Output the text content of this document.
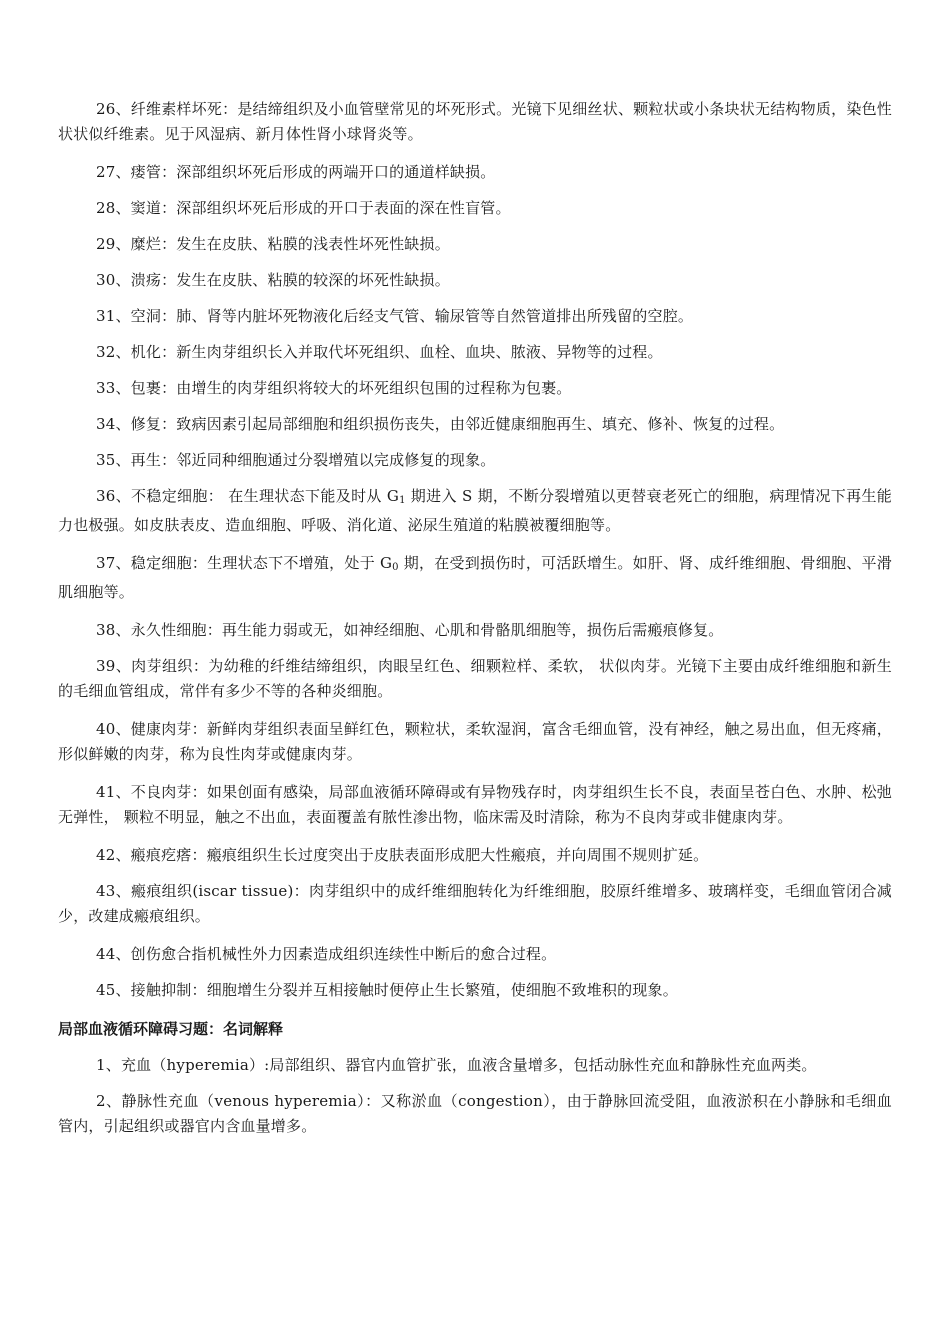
26、纤维素样坏死：是结缔组织及小血管壁常见的坏死形式。光镜下见细丝状、颗粒状或小条块状无结构物质，染色性状状似纤维素。见于风湿病、新月体性肾小球肾炎等。

27、瘘管：深部组织坏死后形成的两端开口的通道样缺损。

28、窦道：深部组织坏死后形成的开口于表面的深在性盲管。

29、糜烂：发生在皮肤、粘膜的浅表性坏死性缺损。

30、溃疡：发生在皮肤、粘膜的较深的坏死性缺损。

31、空洞：肺、肾等内脏坏死物液化后经支气管、输尿管等自然管道排出所残留的空腔。

32、机化：新生肉芽组织长入并取代坏死组织、血栓、血块、脓液、异物等的过程。

33、包裹：由增生的肉芽组织将较大的坏死组织包围的过程称为包裹。

34、修复：致病因素引起局部细胞和组织损伤丧失，由邻近健康细胞再生、填充、修补、恢复的过程。

35、再生：邻近同种细胞通过分裂增殖以完成修复的现象。

36、不稳定细胞： 在生理状态下能及时从 $G_1$ 期进入 S 期，不断分裂增殖以更替衰老死亡的细胞，病理情况下再生能力也极强。如皮肤表皮、造血细胞、呼吸、消化道、泌尿生殖道的粘膜被覆细胞等。

37、稳定细胞：生理状态下不增殖，处于 $G_0$ 期，在受到损伤时，可活跃增生。如肝、肾、成纤维细胞、骨细胞、平滑肌细胞等。

38、永久性细胞：再生能力弱或无，如神经细胞、心肌和骨骼肌细胞等，损伤后需瘢痕修复。

39、肉芽组织：为幼稚的纤维结缔组织，肉眼呈红色、细颗粒样、柔软， 状似肉芽。光镜下主要由成纤维细胞和新生的毛细血管组成，常伴有多少不等的各种炎细胞。

40、健康肉芽：新鲜肉芽组织表面呈鲜红色，颗粒状，柔软湿润，富含毛细血管，没有神经，触之易出血，但无疼痛，形似鲜嫩的肉芽，称为良性肉芽或健康肉芽。

41、不良肉芽：如果创面有感染，局部血液循环障碍或有异物残存时，肉芽组织生长不良，表面呈苍白色、水肿、松弛无弹性， 颗粒不明显，触之不出血，表面覆盖有脓性渗出物，临床需及时清除，称为不良肉芽或非健康肉芽。

42、瘢痕疙瘩：瘢痕组织生长过度突出于皮肤表面形成肥大性瘢痕，并向周围不规则扩延。

43、瘢痕组织(iscar tissue)：肉芽组织中的成纤维细胞转化为纤维细胞，胶原纤维增多、玻璃样变，毛细血管闭合减少，改建成瘢痕组织。

44、创伤愈合指机械性外力因素造成组织连续性中断后的愈合过程。

45、接触抑制：细胞增生分裂并互相接触时便停止生长繁殖，使细胞不致堆积的现象。

局部血液循环障碍习题：名词解释

1、充血（hyperemia）:局部组织、器官内血管扩张，血液含量增多，包括动脉性充血和静脉性充血两类。

2、静脉性充血（venous hyperemia）：又称淤血（congestion），由于静脉回流受阻，血液淤积在小静脉和毛细血管内，引起组织或器官内含血量增多。
